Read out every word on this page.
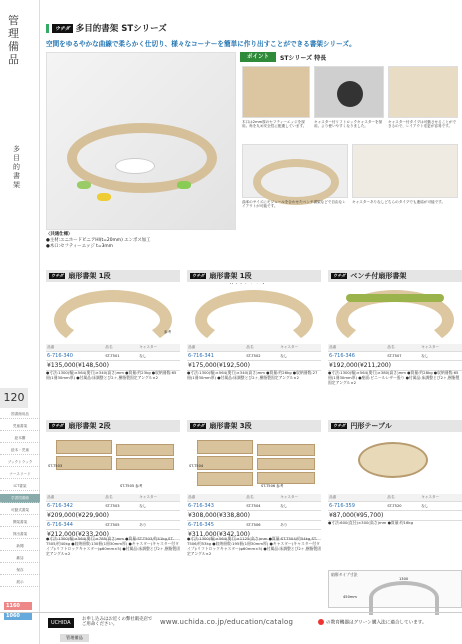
管理備品
多目的書架
120
図書館用品
児童書架
絵本棚
絵本・児童
ブックトラック
ナースリード
ICT書架
学習図書館
可動式書架
開架書架
貸出書架
新聞
雑誌
保存
展示
1160
1060
ウチダ 多目的書架 STシリーズ
空間をゆるやかな曲線で柔らかく仕切り、様々なコーナーを簡単に作り出すことができる書架シリーズ。
ポイント	STシリーズ 特長
木口は2mm厚のセフティーエッジを採用。角を丸め安全性に配慮しています。
キャスター付リフトロックキャスターを採用。より使いやすくなりました。
キャスター付タイプは可動させることができるので、レイアウト変更が容易です。
曲率のサイズにモジュールを合わせたベンチ書架などで自由なレイアウトが可能です。
キャスターありなしどちらのタイプでも連結が可能です。
〈共通仕様〉
●主材:ユニホードビニアHI(t=20mm) エンボス加工
●木口:セフティーエッジ t=3mm
ウチダ 扇形書架 1段
参考
品番	品名	キャスター
6-716-340	ST-T501	なし
¥135,000(¥148,500)		
●寸法:1300(幅)×564(奥行)×340(高さ)mm ●質量:約23kg ●収納冊数:65冊(1冊30mm厚) ●付属品:床調整とび2ヶ,樹脂製固定アングル×2
ウチダ 扇形書架 1段
品番	品名	キャスター
6-716-341	ST-T502	なし
¥175,000(¥192,500)		
●寸法:1300(幅)×564(奥行)×340(高さ)mm ●質量:約26kg ●収納冊数:27冊(1冊30mm厚) ●付属品:床調整とび2ヶ,樹脂製固定アングル×2
ウチダ ベンチ付扇形書架
品番	品名	キャスター
6-716-346	ST-T507	なし
¥192,000(¥211,200)		
●寸法:1300(幅)×564(奥行)×380(高さ)mm ●質量:約28kg ●収納冊数:65冊(1冊30mm厚) ●座面:ビニールレザー張り ●付属品:床調整とび2ヶ,樹脂製固定アングル×2
ウチダ 扇形書架 2段
ST-T503
ST-T505 参考
品番	品名	キャスター
6-716-342	ST-T503	なし
¥209,000(¥229,900)		
6-716-344	ST-T505	あり
¥212,000(¥233,200)		
●寸法:1300(幅)×564(奥行)×785(高さ)mm ●質量:ST-T503/約41kg,ST-T505/約40kg ●収納冊数:130冊(1冊30mm厚) ●キャスター(キャスター付タイプ):リフトロックキャスター(φ60mm×5) ●付属品:床調整とび2ヶ,樹脂製固定アングル×2
ウチダ 扇形書架 3段
ST-T504
ST-T506 参考
品番	品名	キャスター
6-716-343	ST-T504	なし
¥308,000(¥338,800)		
6-716-345	ST-T506	あり
¥311,000(¥342,100)		
●寸法:1300(幅)×564(奥行)×1125(高さ)mm ●質量:ST-T504/約54kg,ST-T506/約53kg ●収納冊数:195冊(1冊30mm厚) ●キャスター(キャスター付タイプ):リフトロックキャスター(φ60mm×5) ●付属品:床調整とび2ヶ,樹脂製固定アングル×2
ウチダ 円形テーブル
品番	品名	キャスター
6-716-359	ST-T520	なし
¥87,000(¥95,700)		
●寸法:600(直径)×300(高さ)mm ●質量:約16kg
扇形タイプ寸法
1300
450mm
UCHIDA
お申し込みはお近くの弊社販売店でご用命ください。	www.uchida.co.jp/education/catalog	の教育機器はグリーン購入法に適合しています。
管理備品
